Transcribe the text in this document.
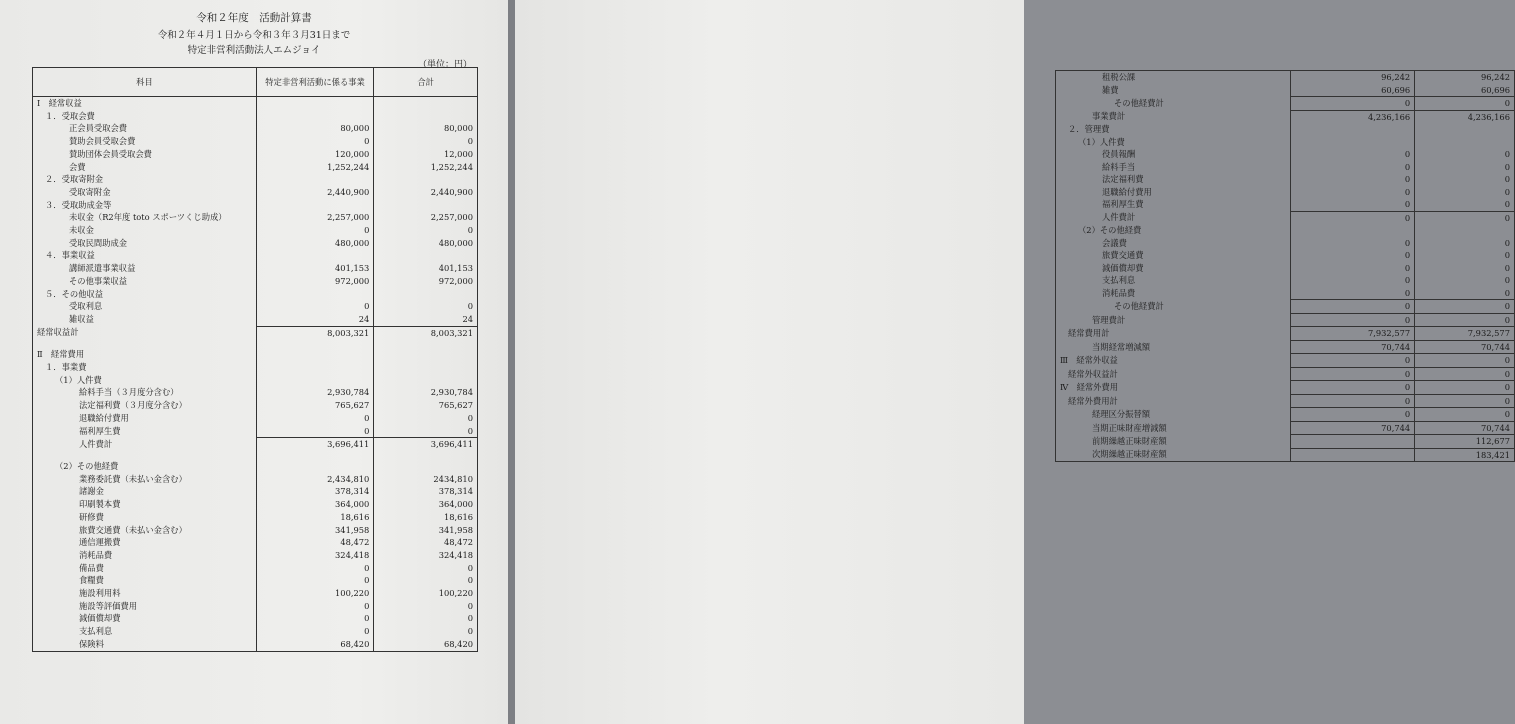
令和２年度　活動計算書
令和２年４月１日から令和３年３月31日まで
特定非営利活動法人エムジョイ
（単位：円）
科目	特定非営利活動に係る事業	合計
Ⅰ　経常収益		
１．受取会費		
正会員受取会費	80,000	80,000
賛助会員受取会費	0	0
賛助団体会員受取会費	120,000	12,000
会費	1,252,244	1,252,244
２．受取寄附金		
受取寄附金	2,440,900	2,440,900
３．受取助成金等		
未収金（R2年度 toto スポーツくじ助成）	2,257,000	2,257,000
未収金	0	0
受取民間助成金	480,000	480,000
４．事業収益		
講師派遣事業収益	401,153	401,153
その他事業収益	972,000	972,000
５．その他収益		
受取利息	0	0
雑収益	24	24
経常収益計	8,003,321	8,003,321

Ⅱ　経常費用		
１．事業費		
（1）人件費		
給料手当（３月度分含む）	2,930,784	2,930,784
法定福利費（３月度分含む）	765,627	765,627
退職給付費用	0	0
福利厚生費	0	0
人件費計	3,696,411	3,696,411

（2）その他経費		
業務委託費（未払い金含む）	2,434,810	2434,810
諸謝金	378,314	378,314
印刷製本費	364,000	364,000
研修費	18,616	18,616
旅費交通費（未払い金含む）	341,958	341,958
通信運搬費	48,472	48,472
消耗品費	324,418	324,418
備品費	0	0
食糧費	0	0
施設利用料	100,220	100,220
施設等評価費用	0	0
減価償却費	0	0
支払利息	0	0
保険料	68,420	68,420
租税公課	96,242	96,242
雑費	60,696	60,696
その他経費計	0	0
事業費計	4,236,166	4,236,166
２．管理費		
（1）人件費		
役員報酬	0	0
給料手当	0	0
法定福利費	0	0
退職給付費用	0	0
福利厚生費	0	0
人件費計	0	0
（2）その他経費		
会議費	0	0
旅費交通費	0	0
減価償却費	0	0
支払利息	0	0
消耗品費	0	0
その他経費計	0	0
管理費計	0	0
経常費用計	7,932,577	7,932,577
当期経常増減額	70,744	70,744
Ⅲ　経常外収益	0	0
経常外収益計	0	0
Ⅳ　経常外費用	0	0
経常外費用計	0	0
経理区分振替額	0	0
当期正味財産増減額	70,744	70,744
前期繰越正味財産額		112,677
次期繰越正味財産額		183,421
